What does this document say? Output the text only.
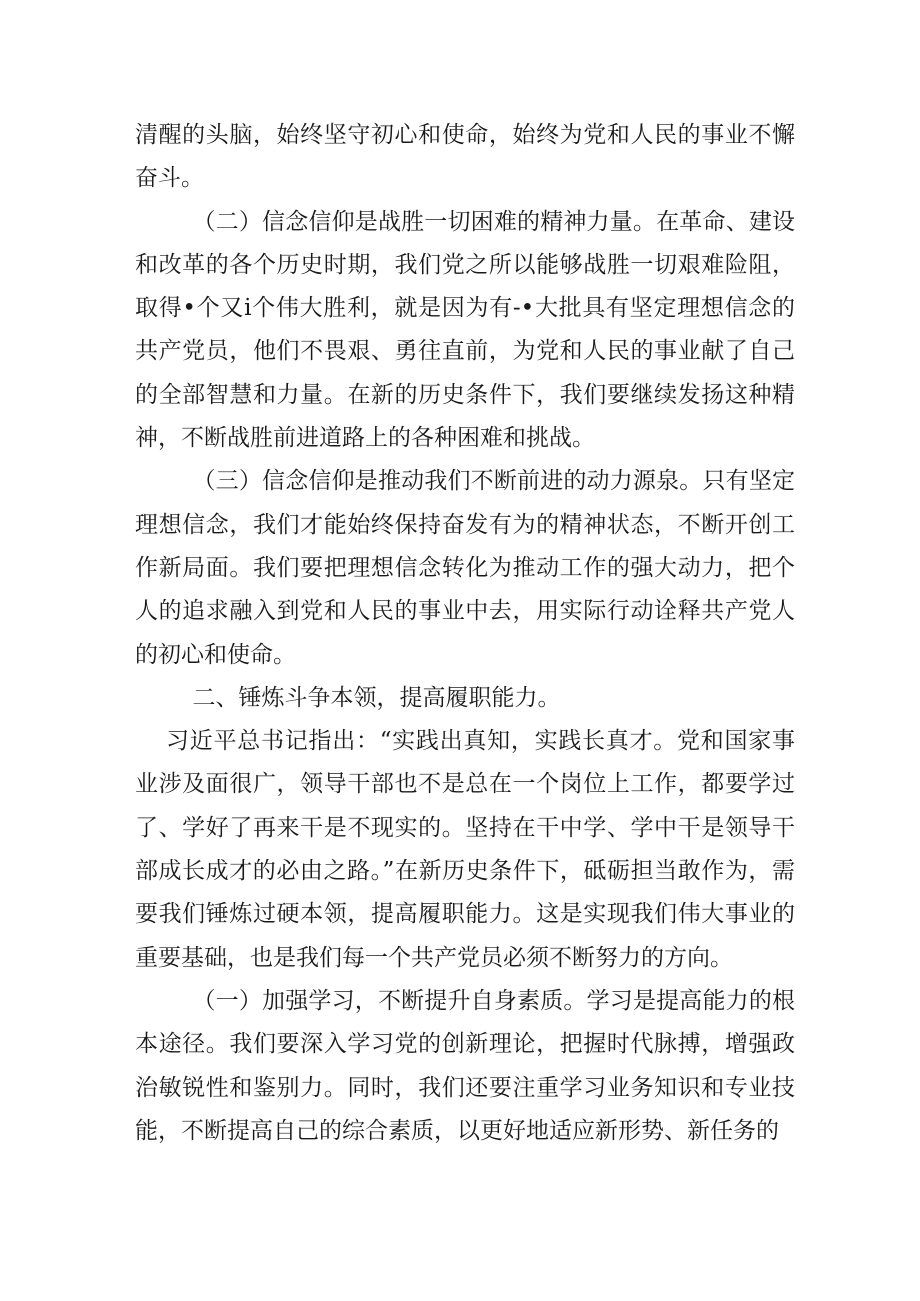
清醒的头脑，始终坚守初心和使命，始终为党和人民的事业不懈奋斗。

（二）信念信仰是战胜一切困难的精神力量。在革命、建设和改革的各个历史时期，我们党之所以能够战胜一切艰难险阻，取得•个又i个伟大胜利，就是因为有-•大批具有坚定理想信念的共产党员，他们不畏艰、勇往直前，为党和人民的事业献了自己的全部智慧和力量。在新的历史条件下，我们要继续发扬这种精神，不断战胜前进道路上的各种困难和挑战。

（三）信念信仰是推动我们不断前进的动力源泉。只有坚定理想信念，我们才能始终保持奋发有为的精神状态，不断开创工作新局面。我们要把理想信念转化为推动工作的强大动力，把个人的追求融入到党和人民的事业中去，用实际行动诠释共产党人的初心和使命。

二、锤炼斗争本领，提高履职能力。

习近平总书记指出：“实践出真知，实践长真才。党和国家事业涉及面很广，领导干部也不是总在一个岗位上工作，都要学过了、学好了再来干是不现实的。坚持在干中学、学中干是领导干部成长成才的必由之路。”在新历史条件下，砥砺担当敢作为，需要我们锤炼过硬本领，提高履职能力。这是实现我们伟大事业的重要基础，也是我们每一个共产党员必须不断努力的方向。

（一）加强学习，不断提升自身素质。学习是提高能力的根本途径。我们要深入学习党的创新理论，把握时代脉搏，增强政治敏锐性和鉴别力。同时，我们还要注重学习业务知识和专业技能，不断提高自己的综合素质，以更好地适应新形势、新任务的
